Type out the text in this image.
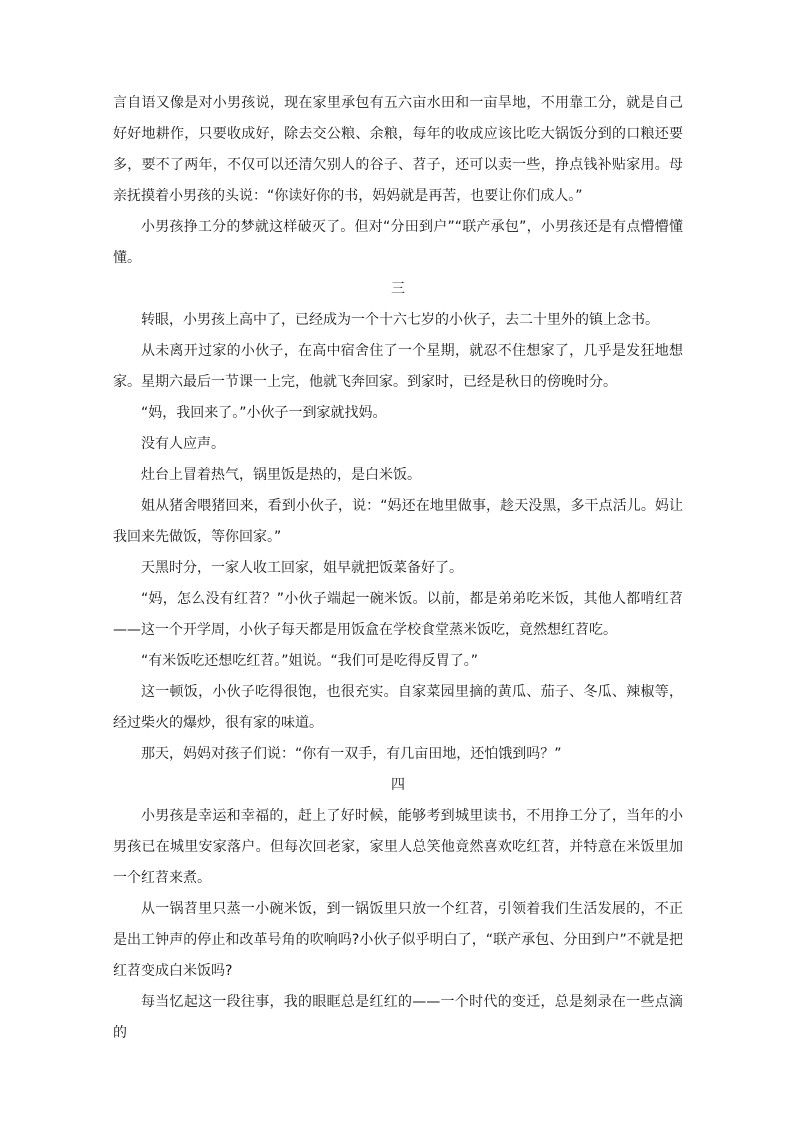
言自语又像是对小男孩说，现在家里承包有五六亩水田和一亩旱地，不用靠工分，就是自己好好地耕作，只要收成好，除去交公粮、余粮，每年的收成应该比吃大锅饭分到的口粮还要多，要不了两年，不仅可以还清欠别人的谷子、苕子，还可以卖一些，挣点钱补贴家用。母亲抚摸着小男孩的头说：“你读好你的书，妈妈就是再苦，也要让你们成人。”

小男孩挣工分的梦就这样破灭了。但对“分田到户”“联产承包”，小男孩还是有点懵懵懂懂。

三

转眼，小男孩上高中了，已经成为一个十六七岁的小伙子，去二十里外的镇上念书。

从未离开过家的小伙子，在高中宿舍住了一个星期，就忍不住想家了，几乎是发狂地想家。星期六最后一节课一上完，他就飞奔回家。到家时，已经是秋日的傍晚时分。

“妈，我回来了。”小伙子一到家就找妈。

没有人应声。

灶台上冒着热气，锅里饭是热的，是白米饭。

姐从猪舍喂猪回来，看到小伙子，说：“妈还在地里做事，趁天没黑，多干点活儿。妈让我回来先做饭，等你回家。”

天黑时分，一家人收工回家，姐早就把饭菜备好了。

“妈，怎么没有红苕？”小伙子端起一碗米饭。以前，都是弟弟吃米饭，其他人都啃红苕——这一个开学周，小伙子每天都是用饭盒在学校食堂蒸米饭吃，竟然想红苕吃。

“有米饭吃还想吃红苕。”姐说。“我们可是吃得反胃了。”

这一顿饭，小伙子吃得很饱，也很充实。自家菜园里摘的黄瓜、茄子、冬瓜、辣椒等，经过柴火的爆炒，很有家的味道。

那天，妈妈对孩子们说：“你有一双手，有几亩田地，还怕饿到吗？”

四

小男孩是幸运和幸福的，赶上了好时候，能够考到城里读书，不用挣工分了，当年的小男孩已在城里安家落户。但每次回老家，家里人总笑他竟然喜欢吃红苕，并特意在米饭里加一个红苕来煮。

从一锅苕里只蒸一小碗米饭，到一锅饭里只放一个红苕，引领着我们生活发展的，不正是出工钟声的停止和改革号角的吹响吗?小伙子似乎明白了，“联产承包、分田到户”不就是把红苕变成白米饭吗?

每当忆起这一段往事，我的眼眶总是红红的——一个时代的变迁，总是刻录在一些点滴的
